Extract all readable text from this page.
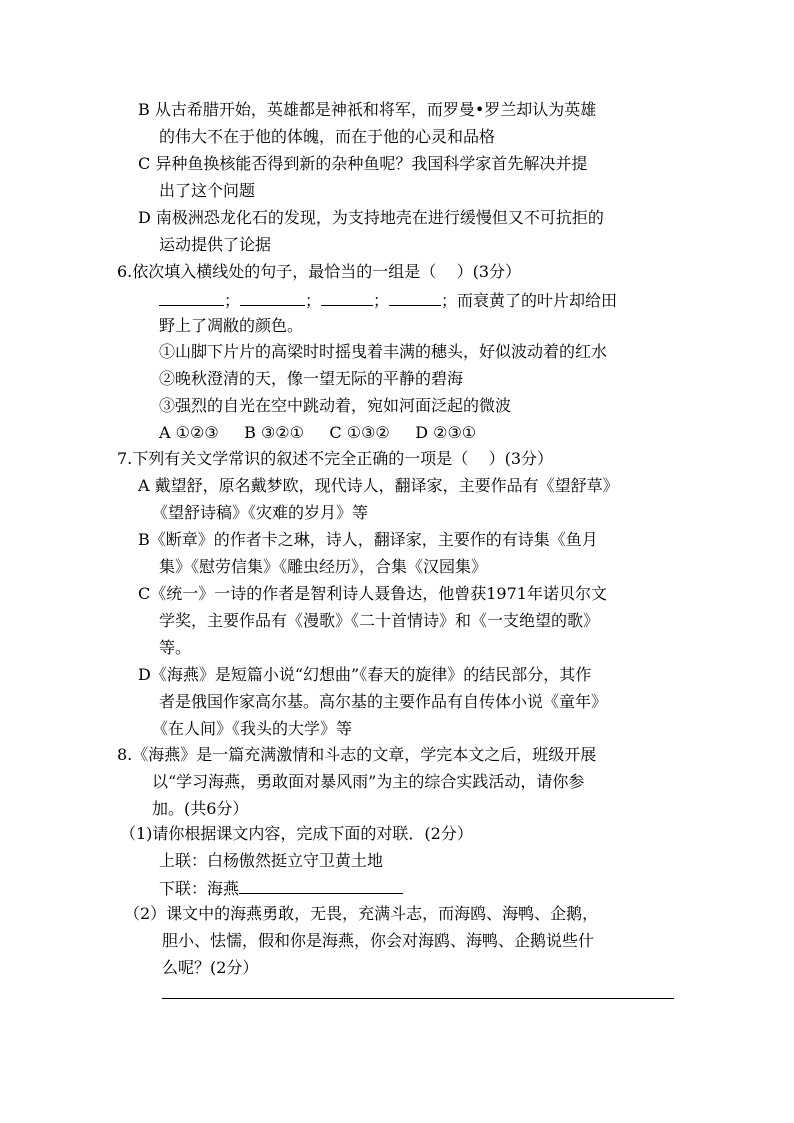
B 从古希腊开始，英雄都是神祇和将军，而罗曼•罗兰却认为英雄
的伟大不在于他的体魄，而在于他的心灵和品格
C 异种鱼换核能否得到新的杂种鱼呢？我国科学家首先解决并提
出了这个问题
D 南极洲恐龙化石的发现，为支持地壳在进行缓慢但又不可抗拒的
运动提供了论据
6.依次填入横线处的句子，最恰当的一组是（    ）(3分）
；	；	；	；而衰黄了的叶片却给田
野上了凋敝的颜色。
①山脚下片片的高梁时时摇曳着丰满的穗头，好似波动着的红水
②晚秋澄清的天，像一望无际的平静的碧海
③强烈的自光在空中跳动着，宛如河面泛起的微波
A ①②③     B ③②①     C ①③②     D ②③①
7.下列有关文学常识的叙述不完全正确的一项是（    ）(3分）
A 戴望舒，原名戴梦欧，现代诗人，翻译家，主要作品有《望舒草》
《望舒诗稿》《灾难的岁月》等
B《断章》的作者卡之琳，诗人，翻译家，主要作的有诗集《鱼月
集》《慰劳信集》《雕虫经历》，合集《汉园集》
C《统一》一诗的作者是智利诗人聂鲁达，他曾获1971年诺贝尔文
学奖，主要作品有《漫歌》《二十首情诗》和《一支绝望的歌》
等。
D《海燕》是短篇小说“幻想曲”《春天的旋律》的结民部分，其作
者是俄国作家高尔基。高尔基的主要作品有自传体小说《童年》
《在人间》《我头的大学》等
8.《海燕》是一篇充满激情和斗志的文章，学完本文之后，班级开展
以“学习海燕，勇敢面对暴风雨”为主的综合实践活动，请你参
加。(共6分）
（1)请你根据课文内容，完成下面的对联．(2分）
上联：白杨傲然挺立守卫黄土地
下联：海燕
（2）课文中的海燕勇敢，无畏，充满斗志，而海鸥、海鸭、企鹅，
胆小、怯懦，假和你是海燕，你会对海鸥、海鸭、企鹅说些什
么呢？(2分）
